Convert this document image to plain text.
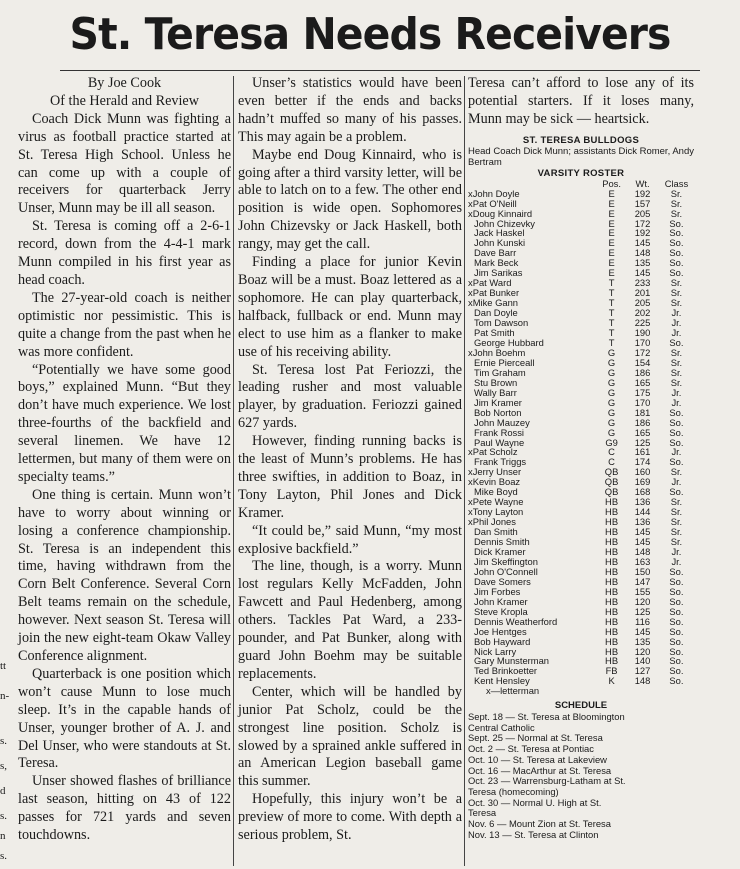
St. Teresa Needs Receivers
tt
n-
s.
s,
d
s.
n
s.

By Joe Cook

Of the Herald and Review

Coach Dick Munn was fighting a virus as football practice started at St. Teresa High School. Unless he can come up with a couple of receivers for quarterback Jerry Unser, Munn may be ill all season.

St. Teresa is coming off a 2-6-1 record, down from the 4-4-1 mark Munn compiled in his first year as head coach.

The 27-year-old coach is neither optimistic nor pessimistic. This is quite a change from the past when he was more confident.

“Potentially we have some good boys,” explained Munn. “But they don’t have much experience. We lost three-fourths of the backfield and several linemen. We have 12 lettermen, but many of them were on specialty teams.”

One thing is certain. Munn won’t have to worry about winning or losing a conference championship. St. Teresa is an independent this time, having withdrawn from the Corn Belt Conference. Several Corn Belt teams remain on the schedule, however. Next season St. Teresa will join the new eight-team Okaw Valley Conference alignment.

Quarterback is one position which won’t cause Munn to lose much sleep. It’s in the capable hands of Unser, younger brother of A. J. and Del Unser, who were standouts at St. Teresa.

Unser showed flashes of brilliance last season, hitting on 43 of 122 passes for 721 yards and seven touchdowns.

Unser’s statistics would have been even better if the ends and backs hadn’t muffed so many of his passes. This may again be a problem.

Maybe end Doug Kinnaird, who is going after a third varsity letter, will be able to latch on to a few. The other end position is wide open. Sophomores John Chizevsky or Jack Haskell, both rangy, may get the call.

Finding a place for junior Kevin Boaz will be a must. Boaz lettered as a sophomore. He can play quarterback, halfback, fullback or end. Munn may elect to use him as a flanker to make use of his receiving ability.

St. Teresa lost Pat Feriozzi, the leading rusher and most valuable player, by graduation. Feriozzi gained 627 yards.

However, finding running backs is the least of Munn’s problems. He has three swifties, in addition to Boaz, in Tony Layton, Phil Jones and Dick Kramer.

“It could be,” said Munn, “my most explosive backfield.”

The line, though, is a worry. Munn lost regulars Kelly McFadden, John Fawcett and Paul Hedenberg, among others. Tackles Pat Ward, a 233-pounder, and Pat Bunker, along with guard John Boehm may be suitable replacements.

Center, which will be handled by junior Pat Scholz, could be the strongest line position. Scholz is slowed by a sprained ankle suffered in an American Legion baseball game this summer.

Hopefully, this injury won’t be a preview of more to come. With depth a serious problem, St.

Teresa can’t afford to lose any of its potential starters. If it loses many, Munn may be sick — heartsick.

ST. TERESA BULLDOGS
Head Coach Dick Munn; assistants Dick Romer, Andy Bertram
VARSITY ROSTER
	Pos.	Wt.	Class
xJohn Doyle	E	192	Sr.
xPat O'Neill	E	157	Sr.
xDoug Kinnaird	E	205	Sr.
John Chizevky	E	172	So.
Jack Haskel	E	192	So.
John Kunski	E	145	So.
Dave Barr	E	148	So.
Mark Beck	E	135	So.
Jim Sarikas	E	145	So.
xPat Ward	T	233	Sr.
xPat Bunker	T	201	Sr.
xMike Gann	T	205	Sr.
Dan Doyle	T	202	Jr.
Tom Dawson	T	225	Jr.
Pat Smith	T	190	Jr.
George Hubbard	T	170	So.
xJohn Boehm	G	172	Sr.
Ernie Pierceall	G	154	Sr.
Tim Graham	G	186	Sr.
Stu Brown	G	165	Sr.
Wally Barr	G	175	Jr.
Jim Kramer	G	170	Jr.
Bob Norton	G	181	So.
John Mauzey	G	186	So.
Frank Rossi	G	165	So.
Paul Wayne	G9	125	So.
xPat Scholz	C	161	Jr.
Frank Triggs	C	174	So.
xJerry Unser	QB	160	Sr.
xKevin Boaz	QB	169	Jr.
Mike Boyd	QB	168	So.
xPete Wayne	HB	136	Sr.
xTony Layton	HB	144	Sr.
xPhil Jones	HB	136	Sr.
Dan Smith	HB	145	Sr.
Dennis Smith	HB	145	Sr.
Dick Kramer	HB	148	Jr.
Jim Skeffington	HB	163	Jr.
John O'Connell	HB	150	So.
Dave Somers	HB	147	So.
Jim Forbes	HB	155	So.
John Kramer	HB	120	So.
Steve Kropla	HB	125	So.
Dennis Weatherford	HB	116	So.
Joe Hentges	HB	145	So.
Bob Hayward	HB	135	So.
Nick Larry	HB	120	So.
Gary Munsterman	HB	140	So.
Ted Brinkoetter	FB	127	So.
Kent Hensley	K	148	So.
x—letterman
SCHEDULE
Sept. 18 — St. Teresa at Bloomington
Central Catholic
Sept. 25 — Normal at St. Teresa
Oct. 2 — St. Teresa at Pontiac
Oct. 10 — St. Teresa at Lakeview
Oct. 16 — MacArthur at St. Teresa
Oct. 23 — Warrensburg-Latham at St.
Teresa (homecoming)
Oct. 30 — Normal U. High at St.
Teresa
Nov. 6 — Mount Zion at St. Teresa
Nov. 13 — St. Teresa at Clinton
